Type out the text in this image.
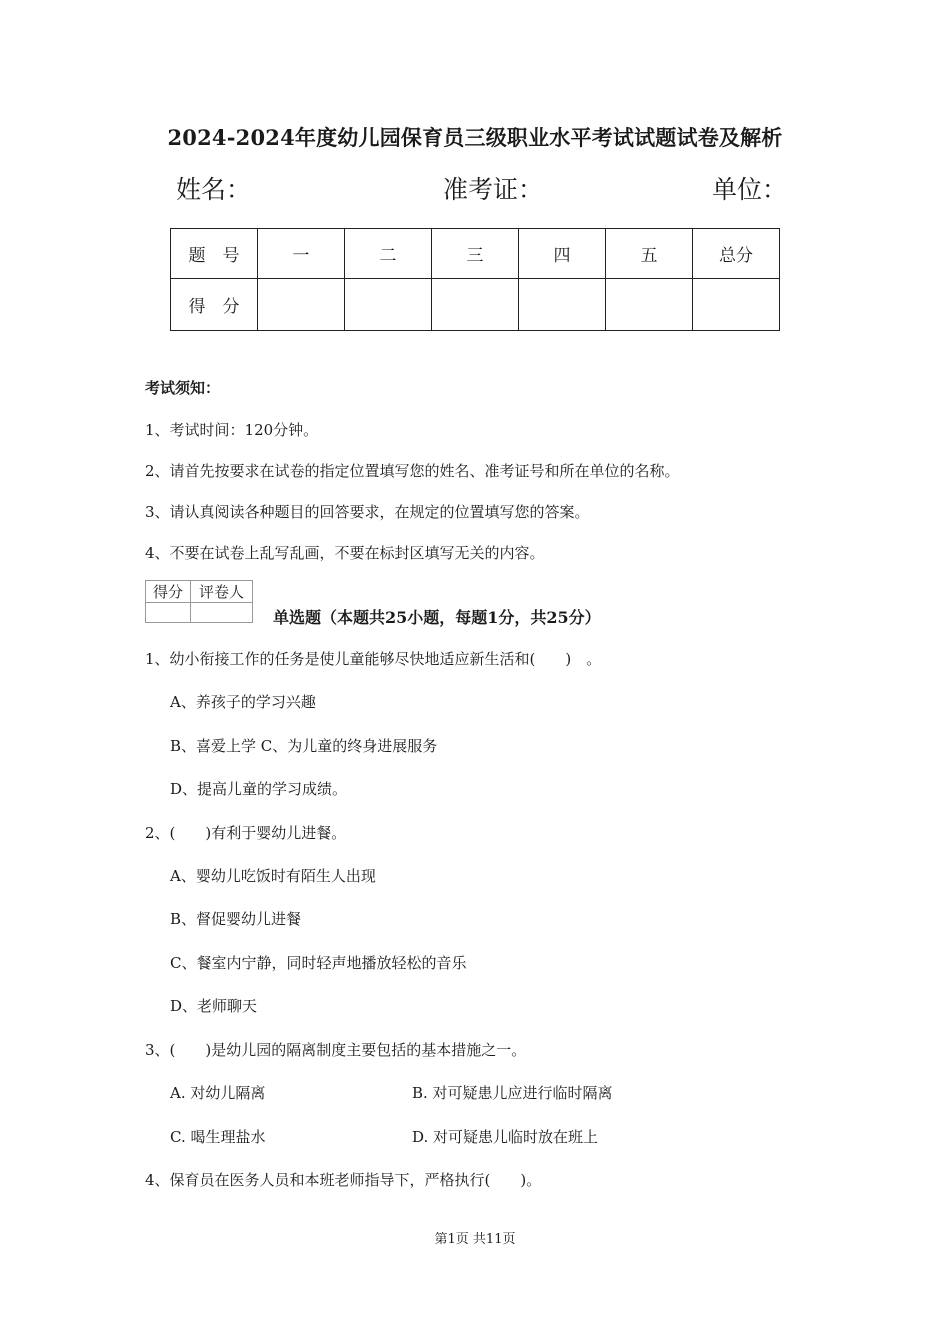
2024-2024年度幼儿园保育员三级职业水平考试试题试卷及解析
姓名：	准考证：	单位：
题　号	一	二	三	四	五	总分
得　分						
考试须知：
1、考试时间：120分钟。
2、请首先按要求在试卷的指定位置填写您的姓名、准考证号和所在单位的名称。
3、请认真阅读各种题目的回答要求，在规定的位置填写您的答案。
4、不要在试卷上乱写乱画，不要在标封区填写无关的内容。
得分	评卷人

单选题（本题共25小题，每题1分，共25分）
1、幼小衔接工作的任务是使儿童能够尽快地适应新生活和(　　)　。
A、养孩子的学习兴趣
B、喜爱上学 C、为儿童的终身进展服务
D、提高儿童的学习成绩。
2、(　　)有利于婴幼儿进餐。
A、婴幼儿吃饭时有陌生人出现
B、督促婴幼儿进餐
C、餐室内宁静，同时轻声地播放轻松的音乐
D、老师聊天
3、(　　)是幼儿园的隔离制度主要包括的基本措施之一。
A. 对幼儿隔离	B. 对可疑患儿应进行临时隔离
C. 喝生理盐水	D. 对可疑患儿临时放在班上
4、保育员在医务人员和本班老师指导下，严格执行(　　)。
第1页 共11页
